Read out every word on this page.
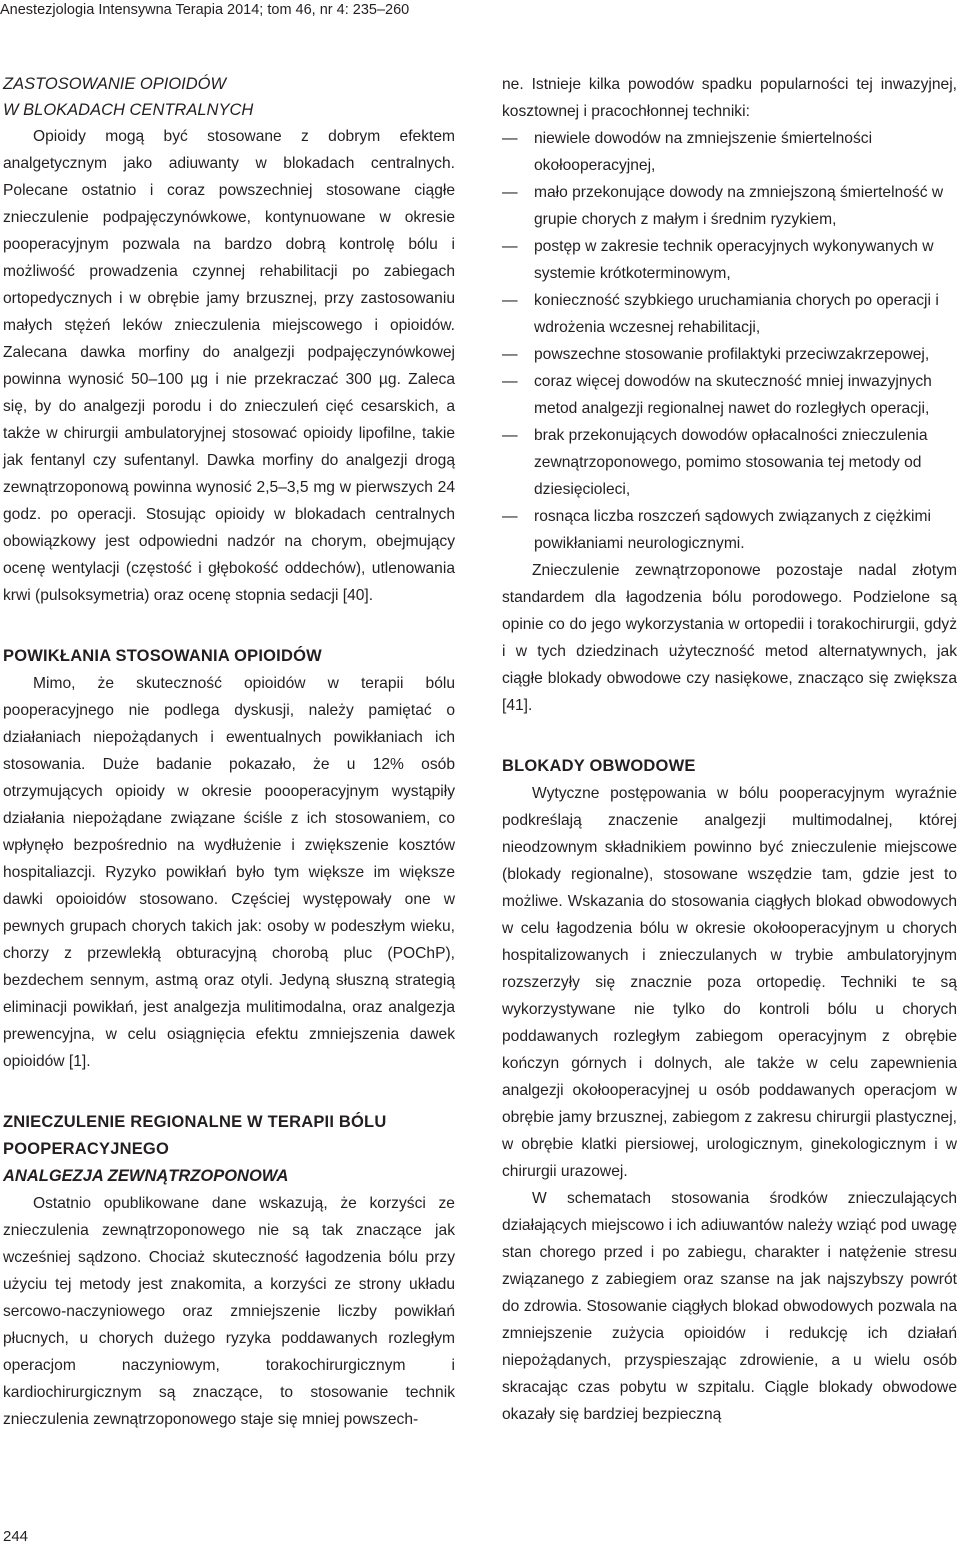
Anestezjologia Intensywna Terapia 2014; tom 46, nr 4: 235–260
ZASTOSOWANIE OPIOIDÓW
W BLOKADACH CENTRALNYCH

Opioidy mogą być stosowane z dobrym efektem analgetycznym jako adiuwanty w blokadach centralnych. Polecane ostatnio i coraz powszechniej stosowane ciągłe znieczulenie podpajęczynówkowe, kontynuowane w okresie pooperacyjnym pozwala na bardzo dobrą kontrolę bólu i możliwość prowadzenia czynnej rehabilitacji po zabiegach ortopedycznych i w obrębie jamy brzusznej, przy zastosowaniu małych stężeń leków znieczulenia miejscowego i opioidów. Zalecana dawka morfiny do analgezji podpajęczynówkowej powinna wynosić 50–100 µg i nie przekraczać 300 µg. Zaleca się, by do analgezji porodu i do znieczuleń cięć cesarskich, a także w chirurgii ambulatoryjnej stosować opioidy lipofilne, takie jak fentanyl czy sufentanyl. Dawka morfiny do analgezji drogą zewnątrzoponową powinna wynosić 2,5–3,5 mg w pierwszych 24 godz. po operacji. Stosując opioidy w blokadach centralnych obowiązkowy jest odpowiedni nadzór na chorym, obejmujący ocenę wentylacji (częstość i głębokość oddechów), utlenowania krwi (pulsoksymetria) oraz ocenę stopnia sedacji [40].

POWIKŁANIA STOSOWANIA OPIOIDÓW

Mimo, że skuteczność opioidów w terapii bólu pooperacyjnego nie podlega dyskusji, należy pamiętać o działaniach niepożądanych i ewentualnych powikłaniach ich stosowania. Duże badanie pokazało, że u 12% osób otrzymujących opioidy w okresie poooperacyjnym wystąpiły działania niepożądane związane ściśle z ich stosowaniem, co wpłynęło bezpośrednio na wydłużenie i zwiększenie kosztów hospitaliazcji. Ryzyko powikłań było tym większe im większe dawki opoioidów stosowano. Częściej występowały one w pewnych grupach chorych takich jak: osoby w podeszłym wieku, chorzy z przewlekłą obturacyjną chorobą pluc (POChP), bezdechem sennym, astmą oraz otyli. Jedyną słuszną strategią eliminacji powikłań, jest analgezja mulitimodalna, oraz analgezja prewencyjna, w celu osiągnięcia efektu zmniejszenia dawek opioidów [1].

ZNIECZULENIE REGIONALNE W TERAPII BÓLU
POOPERACYJNEGO
ANALGEZJA ZEWNĄTRZOPONOWA

Ostatnio opublikowane dane wskazują, że korzyści ze znieczulenia zewnątrzoponowego nie są tak znaczące jak wcześniej sądzono. Chociaż skuteczność łagodzenia bólu przy użyciu tej metody jest znakomita, a korzyści ze strony układu sercowo-naczyniowego oraz zmniejszenie liczby powikłań płucnych, u chorych dużego ryzyka poddawanych rozległym operacjom naczyniowym, torakochirurgicznym i kardiochirurgicznym są znaczące, to stosowanie technik znieczulenia zewnątrzoponowego staje się mniej powszech-

ne. Istnieje kilka powodów spadku popularności tej inwazyjnej, kosztownej i pracochłonnej techniki:

— niewiele dowodów na zmniejszenie śmiertelności okołooperacyjnej,
— mało przekonujące dowody na zmniejszoną śmiertelność w grupie chorych z małym i średnim ryzykiem,
— postęp w zakresie technik operacyjnych wykonywanych w systemie krótkoterminowym,
— konieczność szybkiego uruchamiania chorych po operacji i wdrożenia wczesnej rehabilitacji,
— powszechne stosowanie profilaktyki przeciwzakrzepowej,
— coraz więcej dowodów na skuteczność mniej inwazyjnych metod analgezji regionalnej nawet do rozległych operacji,
— brak przekonujących dowodów opłacalności znieczulenia zewnątrzoponowego, pomimo stosowania tej metody od dziesięcioleci,
— rosnąca liczba roszczeń sądowych związanych z ciężkimi powikłaniami neurologicznymi.

Znieczulenie zewnątrzoponowe pozostaje nadal złotym standardem dla łagodzenia bólu porodowego. Podzielone są opinie co do jego wykorzystania w ortopedii i torakochirurgii, gdyż i w tych dziedzinach użyteczność metod alternatywnych, jak ciągłe blokady obwodowe czy nasiękowe, znacząco się zwiększa [41].

BLOKADY OBWODOWE

Wytyczne postępowania w bólu pooperacyjnym wyraźnie podkreślają znaczenie analgezji multimodalnej, której nieodzownym składnikiem powinno być znieczulenie miejscowe (blokady regionalne), stosowane wszędzie tam, gdzie jest to możliwe. Wskazania do stosowania ciągłych blokad obwodowych w celu łagodzenia bólu w okresie okołooperacyjnym u chorych hospitalizowanych i znieczulanych w trybie ambulatoryjnym rozszerzyły się znacznie poza ortopedię. Techniki te są wykorzystywane nie tylko do kontroli bólu u chorych poddawanych rozległym zabiegom operacyjnym z obrębie kończyn górnych i dolnych, ale także w celu zapewnienia analgezji okołooperacyjnej u osób poddawanych operacjom w obrębie jamy brzusznej, zabiegom z zakresu chirurgii plastycznej, w obrębie klatki piersiowej, urologicznym, ginekologicznym i w chirurgii urazowej.

W schematach stosowania środków znieczulających działających miejscowo i ich adiuwantów należy wziąć pod uwagę stan chorego przed i po zabiegu, charakter i natężenie stresu związanego z zabiegiem oraz szanse na jak najszybszy powrót do zdrowia. Stosowanie ciągłych blokad obwodowych pozwala na zmniejszenie zużycia opioidów i redukcję ich działań niepożądanych, przyspieszając zdrowienie, a u wielu osób skracając czas pobytu w szpitalu. Ciągle blokady obwodowe okazały się bardziej bezpieczną

244
